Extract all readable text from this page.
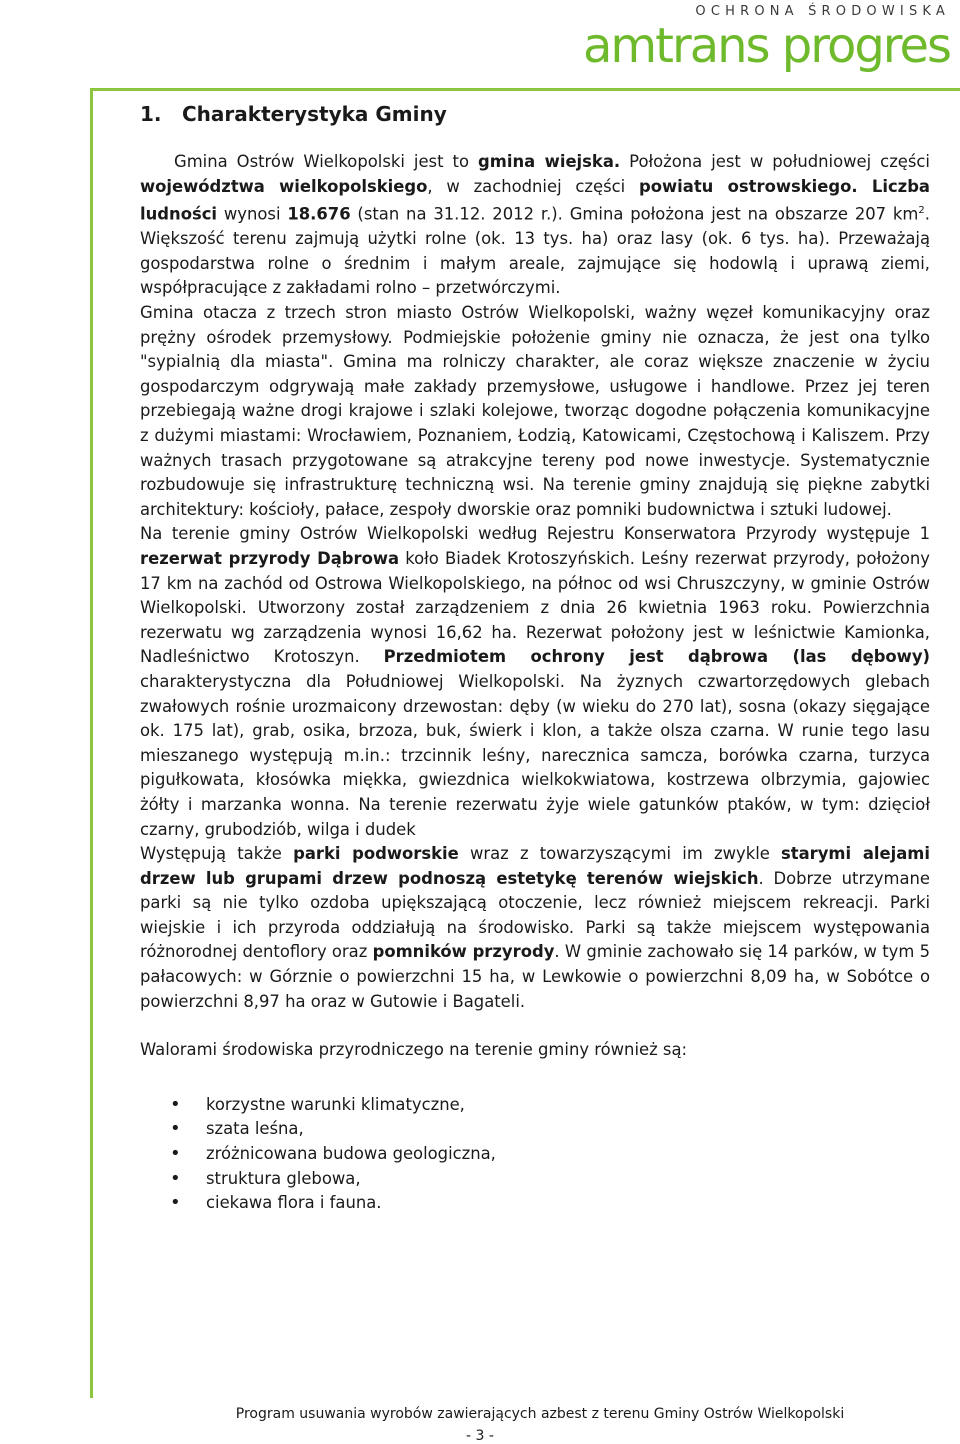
OCHRONA ŚRODOWISKA
amtrans progres
1. Charakterystyka Gminy

Gmina Ostrów Wielkopolski jest to gmina wiejska. Położona jest w południowej części województwa wielkopolskiego, w zachodniej części powiatu ostrowskiego. Liczba ludności wynosi 18.676 (stan na 31.12. 2012 r.). Gmina położona jest na obszarze 207 $km^2$. Większość terenu zajmują użytki rolne (ok. 13 tys. ha) oraz lasy (ok. 6 tys. ha). Przeważają gospodarstwa rolne o średnim i małym areale, zajmujące się hodowlą i uprawą ziemi, współpracujące z zakładami rolno – przetwórczymi.

Gmina otacza z trzech stron miasto Ostrów Wielkopolski, ważny węzeł komunikacyjny oraz prężny ośrodek przemysłowy. Podmiejskie położenie gminy nie oznacza, że jest ona tylko "sypialnią dla miasta". Gmina ma rolniczy charakter, ale coraz większe znaczenie w życiu gospodarczym odgrywają małe zakłady przemysłowe, usługowe i handlowe. Przez jej teren przebiegają ważne drogi krajowe i szlaki kolejowe, tworząc dogodne połączenia komunikacyjne z dużymi miastami: Wrocławiem, Poznaniem, Łodzią, Katowicami, Częstochową i Kaliszem. Przy ważnych trasach przygotowane są atrakcyjne tereny pod nowe inwestycje. Systematycznie rozbudowuje się infrastrukturę techniczną wsi. Na terenie gminy znajdują się piękne zabytki architektury: kościoły, pałace, zespoły dworskie oraz pomniki budownictwa i sztuki ludowej.

Na terenie gminy Ostrów Wielkopolski według Rejestru Konserwatora Przyrody występuje 1 rezerwat przyrody Dąbrowa koło Biadek Krotoszyńskich. Leśny rezerwat przyrody, położony 17 km na zachód od Ostrowa Wielkopolskiego, na północ od wsi Chruszczyny, w gminie Ostrów Wielkopolski. Utworzony został zarządzeniem z dnia 26 kwietnia 1963 roku. Powierzchnia rezerwatu wg zarządzenia wynosi 16,62 ha. Rezerwat położony jest w leśnictwie Kamionka, Nadleśnictwo Krotoszyn. Przedmiotem ochrony jest dąbrowa (las dębowy) charakterystyczna dla Południowej Wielkopolski. Na żyznych czwartorzędowych glebach zwałowych rośnie urozmaicony drzewostan: dęby (w wieku do 270 lat), sosna (okazy sięgające ok. 175 lat), grab, osika, brzoza, buk, świerk i klon, a także olsza czarna. W runie tego lasu mieszanego występują m.in.: trzcinnik leśny, narecznica samcza, borówka czarna, turzyca pigułkowata, kłosówka miękka, gwiezdnica wielkokwiatowa, kostrzewa olbrzymia, gajowiec żółty i marzanka wonna. Na terenie rezerwatu żyje wiele gatunków ptaków, w tym: dzięcioł czarny, grubodziób, wilga i dudek

Występują także parki podworskie wraz z towarzyszącymi im zwykle starymi alejami drzew lub grupami drzew podnoszą estetykę terenów wiejskich. Dobrze utrzymane parki są nie tylko ozdoba upiększającą otoczenie, lecz również miejscem rekreacji. Parki wiejskie i ich przyroda oddziałują na środowisko. Parki są także miejscem występowania różnorodnej dentoflory oraz pomników przyrody. W gminie zachowało się 14 parków, w tym 5 pałacowych: w Górznie o powierzchni 15 ha, w Lewkowie o powierzchni 8,09 ha, w Sobótce o powierzchni 8,97 ha oraz w Gutowie i Bagateli.

Walorami środowiska przyrodniczego na terenie gminy również są:

• korzystne warunki klimatyczne,
• szata leśna,
• zróżnicowana budowa geologiczna,
• struktura glebowa,
• ciekawa flora i fauna.
Program usuwania wyrobów zawierających azbest z terenu Gminy Ostrów Wielkopolski
- 3 -
